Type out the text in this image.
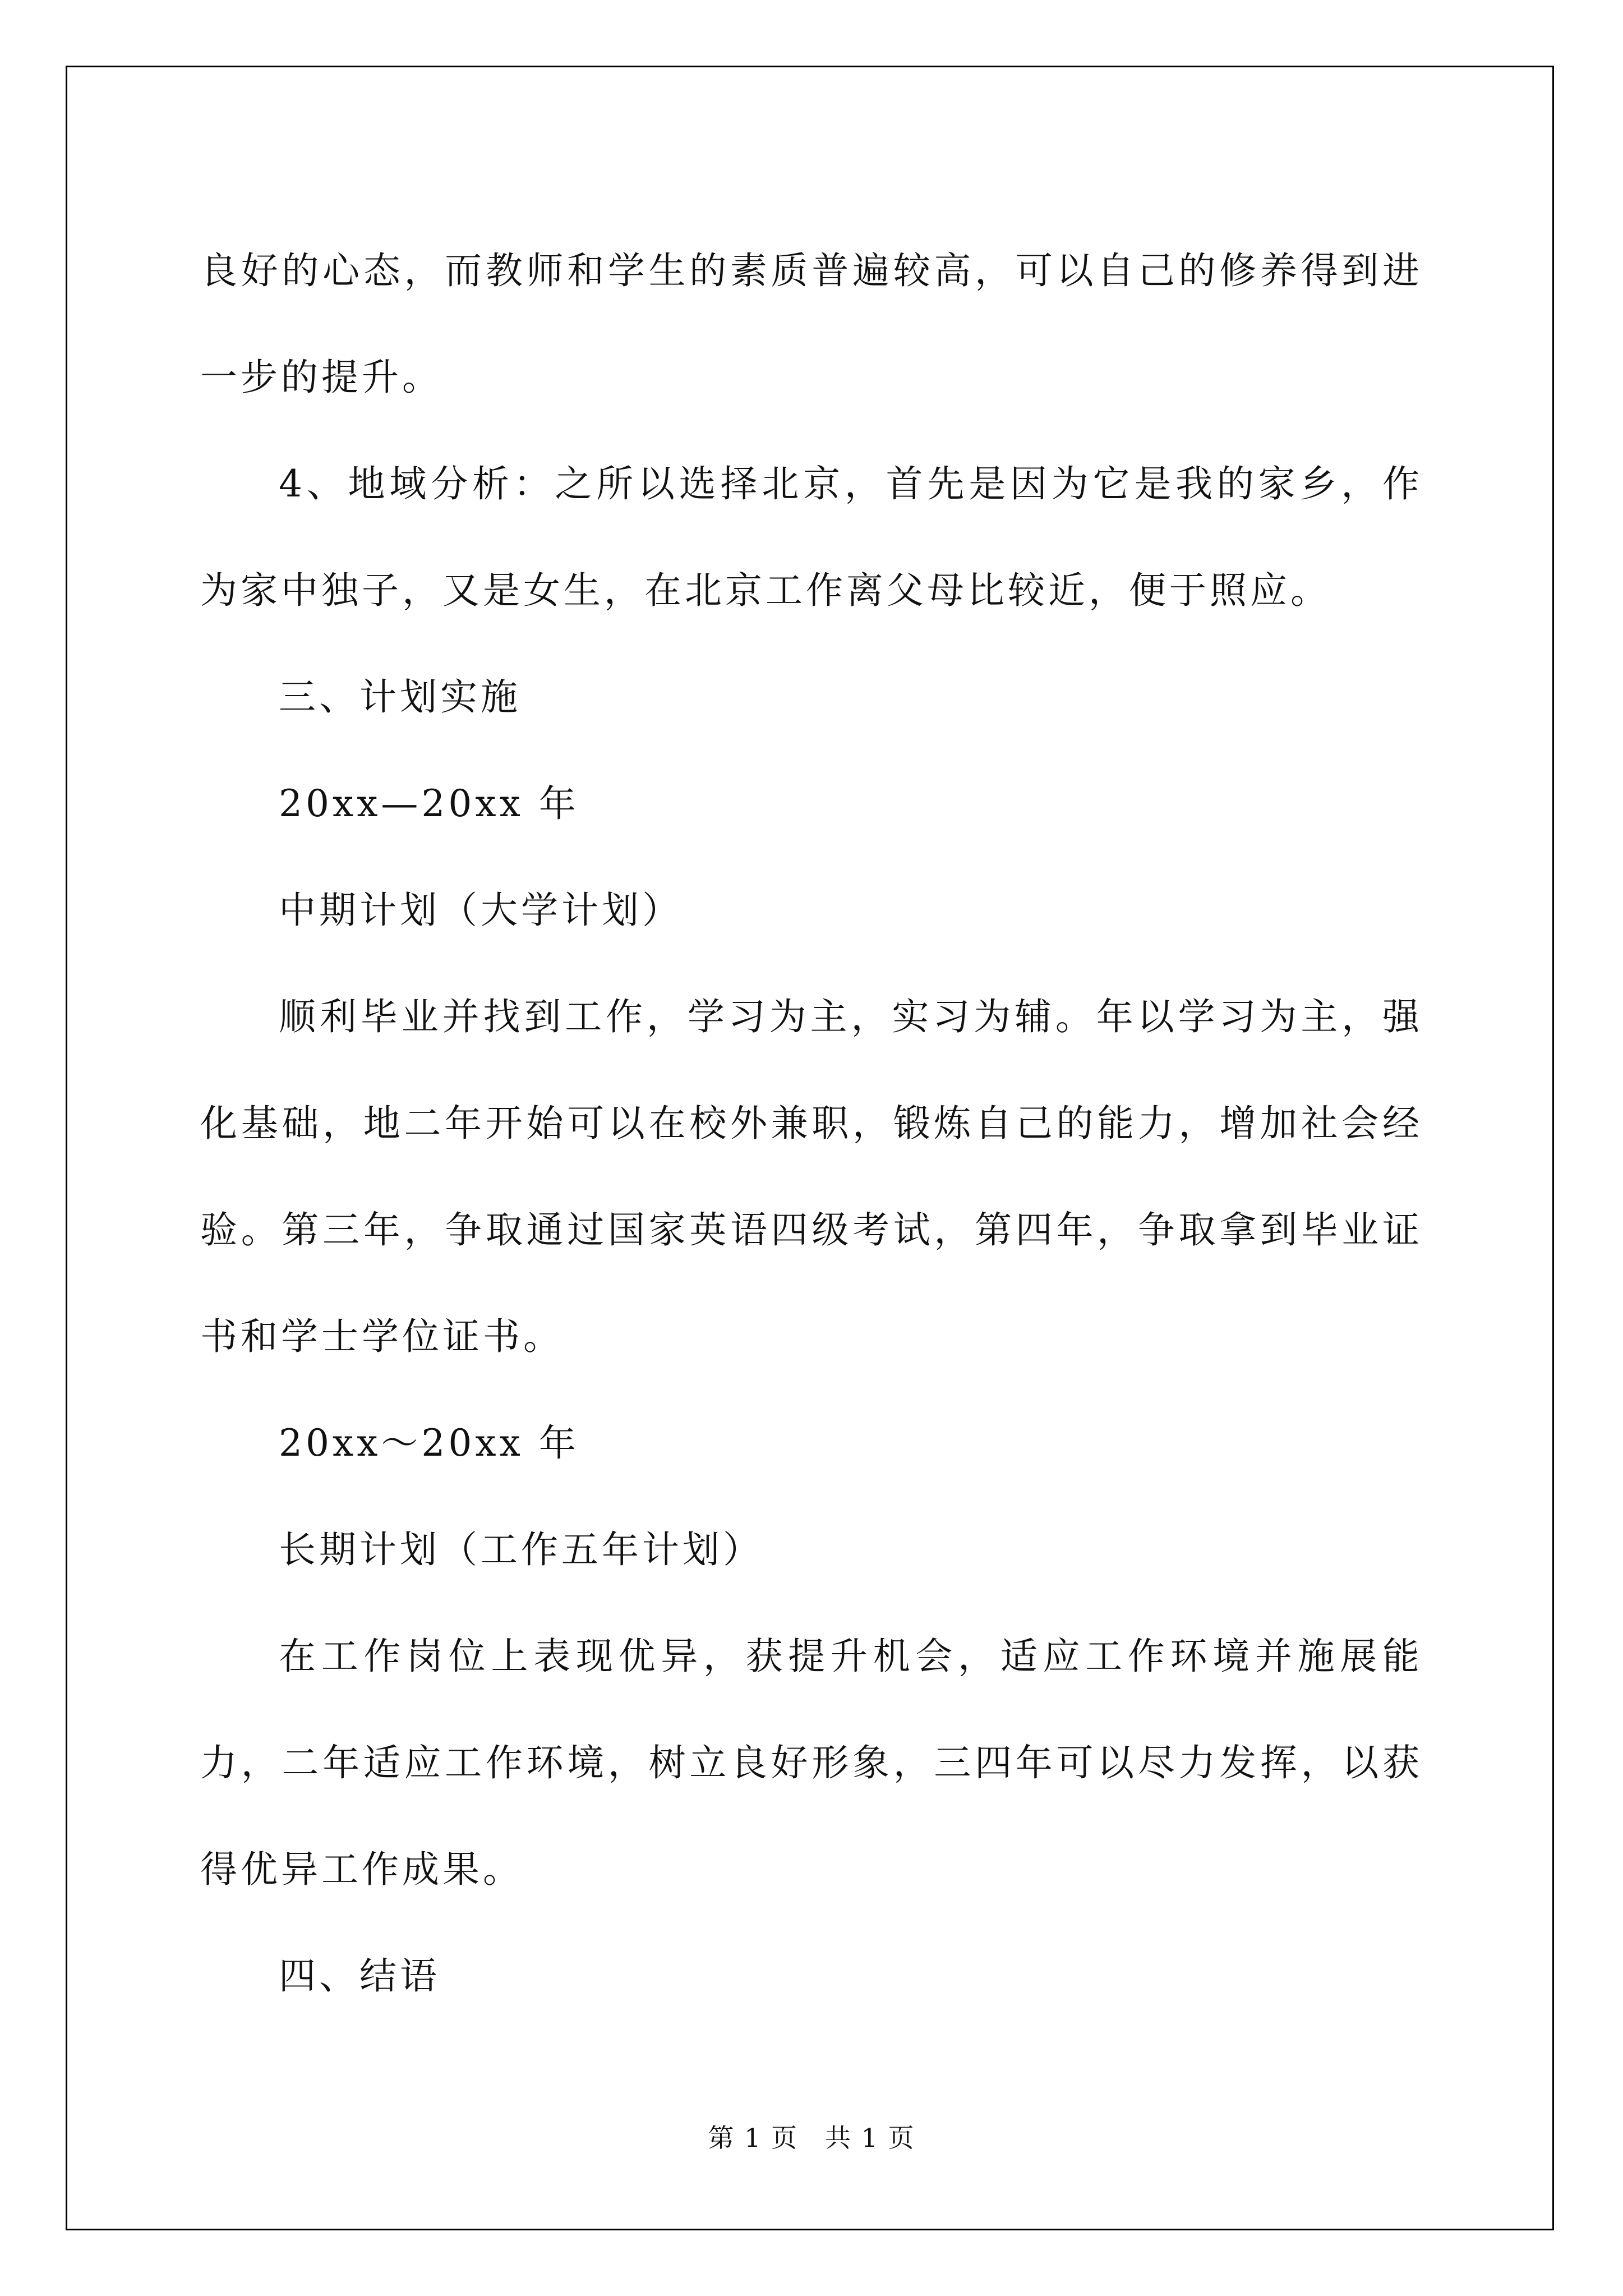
良好的心态，而教师和学生的素质普遍较高，可以自己的修养得到进一步的提升。

4、地域分析：之所以选择北京，首先是因为它是我的家乡，作为家中独子，又是女生，在北京工作离父母比较近，便于照应。

三、计划实施

20xx—20xx 年

中期计划（大学计划）

顺利毕业并找到工作，学习为主，实习为辅。年以学习为主，强化基础，地二年开始可以在校外兼职，锻炼自己的能力，增加社会经验。第三年，争取通过国家英语四级考试，第四年，争取拿到毕业证书和学士学位证书。

20xx～20xx 年

长期计划（工作五年计划）

在工作岗位上表现优异，获提升机会，适应工作环境并施展能力，二年适应工作环境，树立良好形象，三四年可以尽力发挥，以获得优异工作成果。

四、结语

第 1 页　共 1 页
